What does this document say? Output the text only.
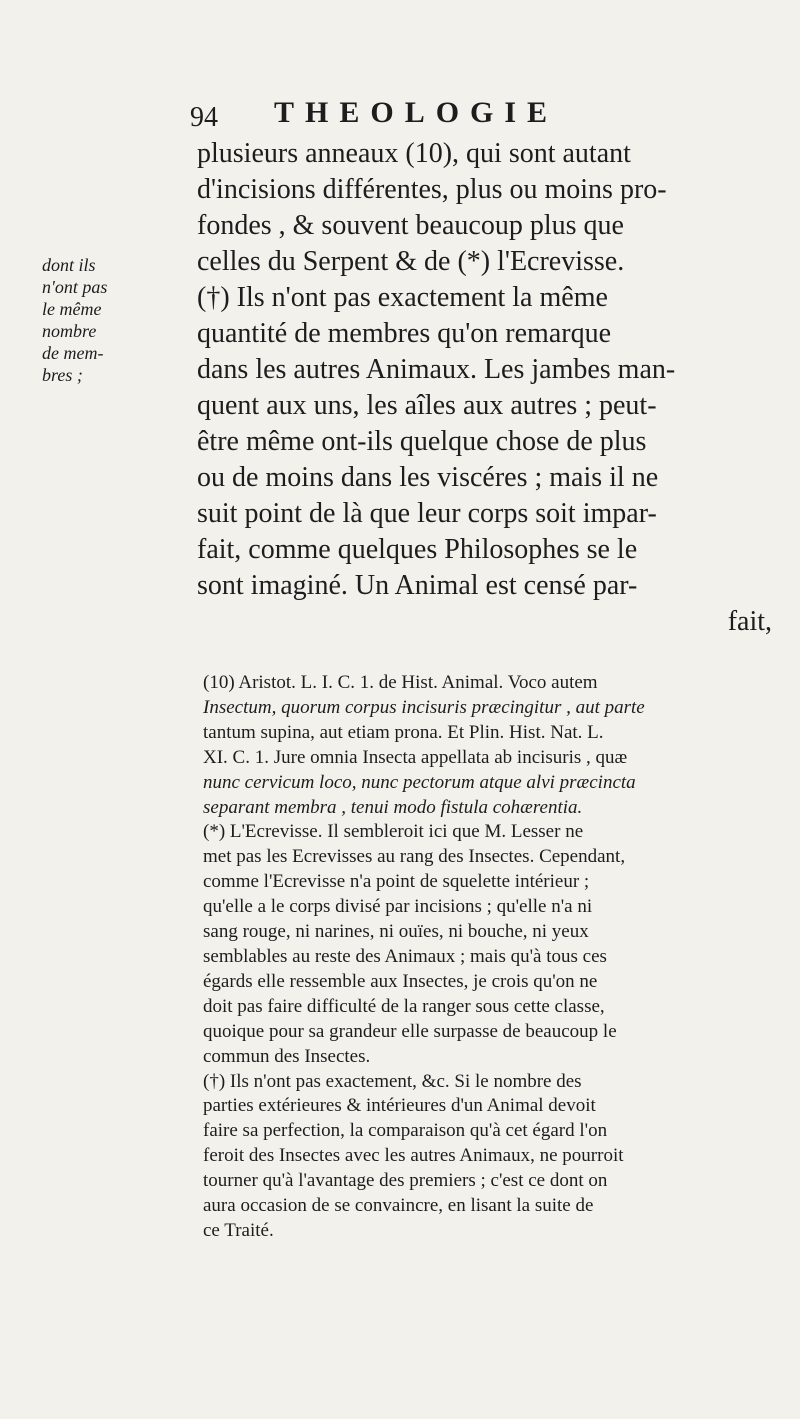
94 THEOLOGIE
dont ils
n'ont pas
le même
nombre
de mem-
bres ;
plusieurs anneaux (10), qui sont autant
d'incisions différentes, plus ou moins pro-
fondes , & souvent beaucoup plus que
celles du Serpent & de (*) l'Ecrevisse.
(†) Ils n'ont pas exactement la même
quantité de membres qu'on remarque
dans les autres Animaux. Les jambes man-
quent aux uns, les aîles aux autres ; peut-
être même ont-ils quelque chose de plus
ou de moins dans les viscéres ; mais il ne
suit point de là que leur corps soit impar-
fait, comme quelques Philosophes se le
sont imaginé. Un Animal est censé par-
fait,
(10) Aristot. L. I. C. 1. de Hist. Animal. Voco autem
Insectum, quorum corpus incisuris præcingitur , aut parte
tantum supina, aut etiam prona. Et Plin. Hist. Nat. L.
XI. C. 1. Jure omnia Insecta appellata ab incisuris , quæ
nunc cervicum loco, nunc pectorum atque alvi præcincta
separant membra , tenui modo fistula cohærentia.
(*) L'Ecrevisse. Il sembleroit ici que M. Lesser ne
met pas les Ecrevisses au rang des Insectes. Cependant,
comme l'Ecrevisse n'a point de squelette intérieur ;
qu'elle a le corps divisé par incisions ; qu'elle n'a ni
sang rouge, ni narines, ni ouïes, ni bouche, ni yeux
semblables au reste des Animaux ; mais qu'à tous ces
égards elle ressemble aux Insectes, je crois qu'on ne
doit pas faire difficulté de la ranger sous cette classe,
quoique pour sa grandeur elle surpasse de beaucoup le
commun des Insectes.
(†) Ils n'ont pas exactement, &c. Si le nombre des
parties extérieures & intérieures d'un Animal devoit
faire sa perfection, la comparaison qu'à cet égard l'on
feroit des Insectes avec les autres Animaux, ne pourroit
tourner qu'à l'avantage des premiers ; c'est ce dont on
aura occasion de se convaincre, en lisant la suite de
ce Traité.
